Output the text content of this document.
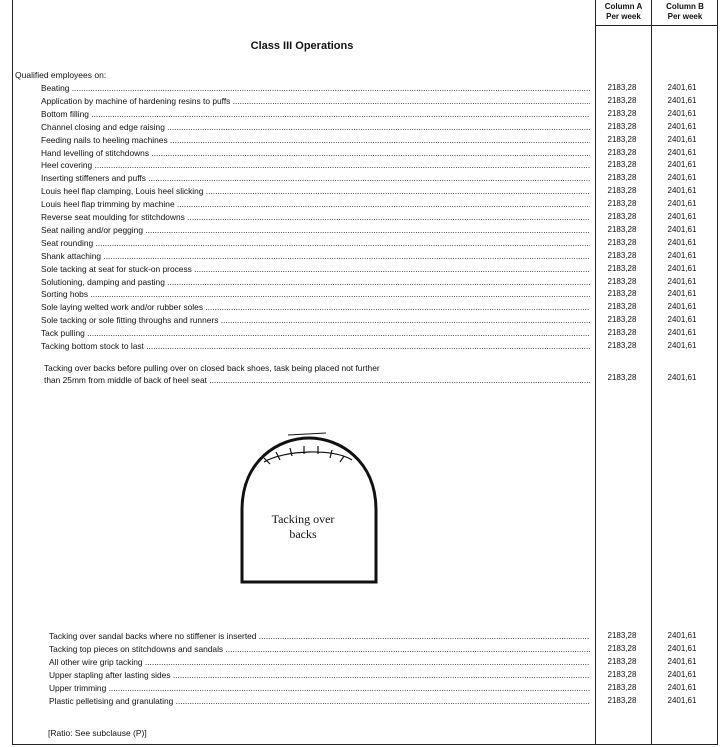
Column A
Per week
Column B
Per week
Class III Operations
Qualified employees on:
Beating .....	2183,28	2401,61
Application by machine of hardening resins to puffs .....	2183,28	2401,61
Bottom filling .....	2183,28	2401,61
Channel closing and edge raising .....	2183,28	2401,61
Feeding nails to heeling machines .....	2183,28	2401,61
Hand levelling of stitchdowns .....	2183,28	2401,61
Heel covering .....	2183,28	2401,61
Inserting stiffeners and puffs .....	2183,28	2401,61
Louis heel flap clamping, Louis heel slicking .....	2183,28	2401,61
Louis heel flap trimming by machine .....	2183,28	2401,61
Reverse seat moulding for stitchdowns .....	2183,28	2401,61
Seat nailing and/or pegging .....	2183,28	2401,61
Seat rounding .....	2183,28	2401,61
Shank attaching .....	2183,28	2401,61
Sole tacking at seat for stuck-on process .....	2183,28	2401,61
Solutioning, damping and pasting .....	2183,28	2401,61
Sorting hobs .....	2183,28	2401,61
Sole laying welted work and/or rubber soles .....	2183,28	2401,61
Sole tacking or sole fitting throughs and runners .....	2183,28	2401,61
Tack pulling .....	2183,28	2401,61
Tacking bottom stock to last .....	2183,28	2401,61
Tacking over backs before pulling over on closed back shoes, task being placed not further
than 25mm from middle of back of heel seat .....	2183,28	2401,61
Tacking over
backs
Tacking over sandal backs where no stiffener is inserted .....	2183,28	2401,61
Tacking top pieces on stitchdowns and sandals .....	2183,28	2401,61
All other wire grip tacking .....	2183,28	2401,61
Upper stapling after lasting sides .....	2183,28	2401,61
Upper trimming .....	2183,28	2401,61
Plastic pelletising and granulating .....	2183,28	2401,61
[Ratio: See subclause (P)]
